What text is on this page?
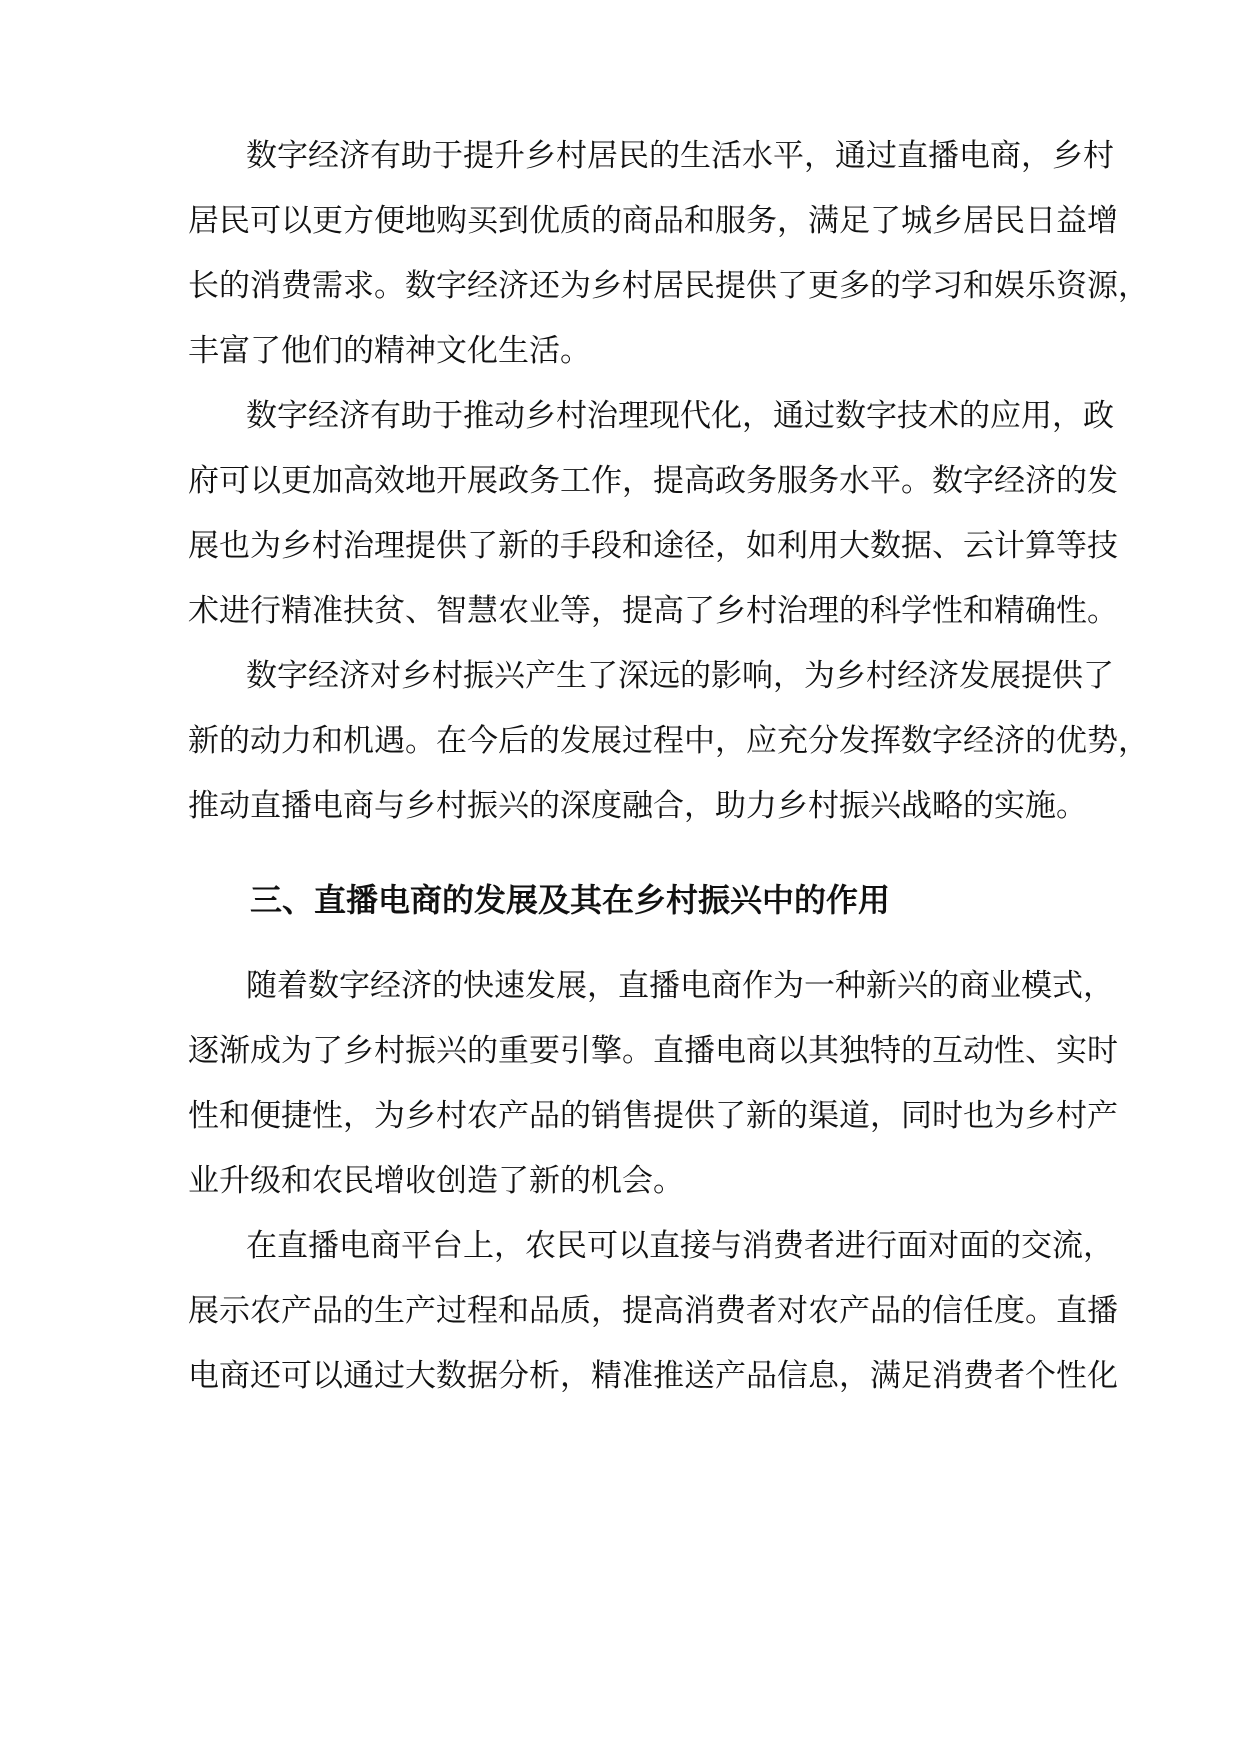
数字经济有助于提升乡村居民的生活水平，通过直播电商，乡村
居民可以更方便地购买到优质的商品和服务，满足了城乡居民日益增
长的消费需求。数字经济还为乡村居民提供了更多的学习和娱乐资源，
丰富了他们的精神文化生活。
数字经济有助于推动乡村治理现代化，通过数字技术的应用，政
府可以更加高效地开展政务工作，提高政务服务水平。数字经济的发
展也为乡村治理提供了新的手段和途径，如利用大数据、云计算等技
术进行精准扶贫、智慧农业等，提高了乡村治理的科学性和精确性。
数字经济对乡村振兴产生了深远的影响，为乡村经济发展提供了
新的动力和机遇。在今后的发展过程中，应充分发挥数字经济的优势，
推动直播电商与乡村振兴的深度融合，助力乡村振兴战略的实施。
三、直播电商的发展及其在乡村振兴中的作用
随着数字经济的快速发展，直播电商作为一种新兴的商业模式，
逐渐成为了乡村振兴的重要引擎。直播电商以其独特的互动性、实时
性和便捷性，为乡村农产品的销售提供了新的渠道，同时也为乡村产
业升级和农民增收创造了新的机会。
在直播电商平台上，农民可以直接与消费者进行面对面的交流，
展示农产品的生产过程和品质，提高消费者对农产品的信任度。直播
电商还可以通过大数据分析，精准推送产品信息，满足消费者个性化
